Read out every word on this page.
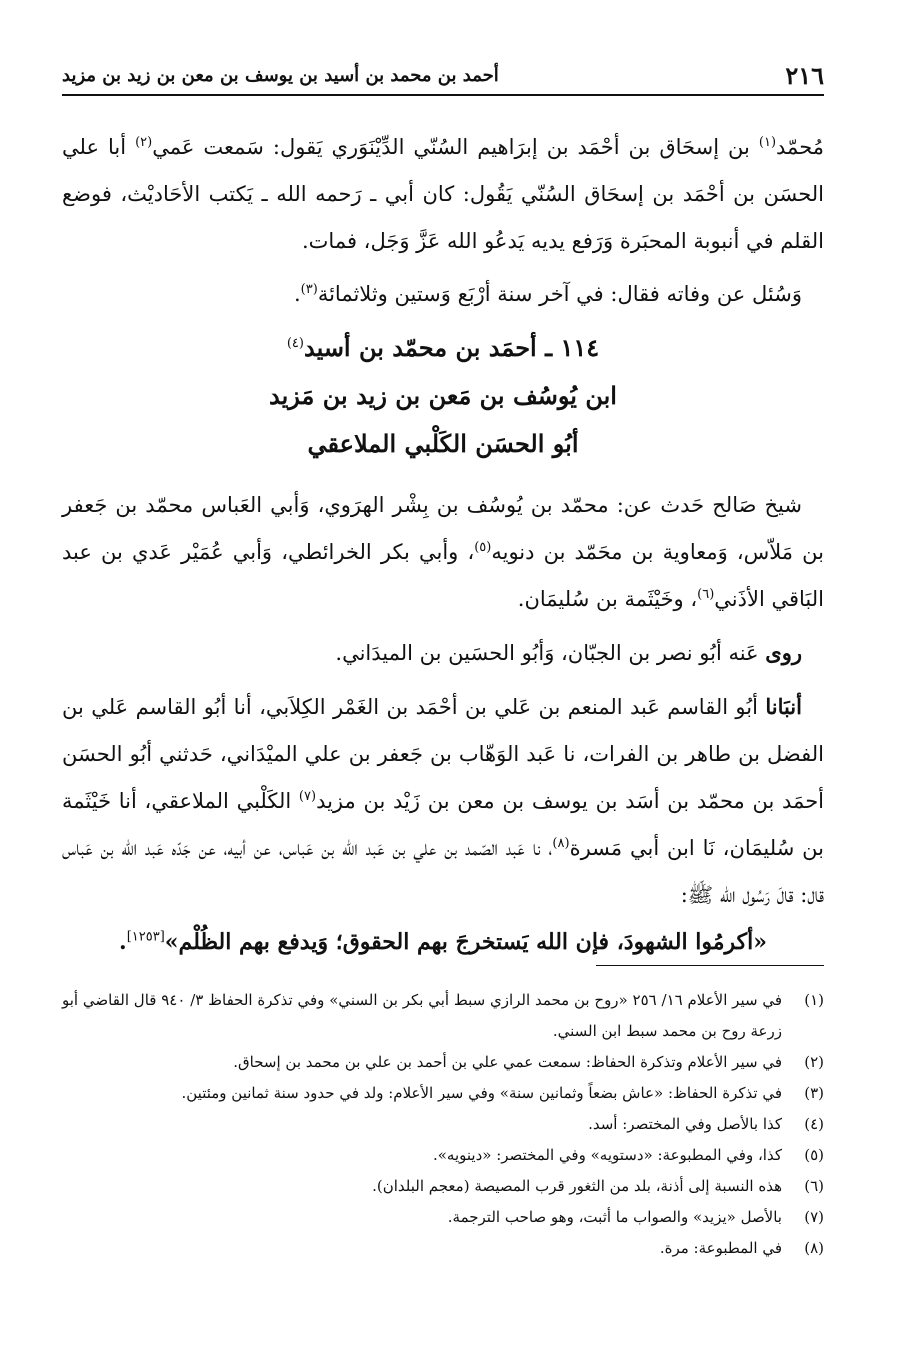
٢١٦
أحمد بن محمد بن أسيد بن يوسف بن معن بن زيد بن مزيد

مُحمّد$^{(١)}$ بن إسحَاق بن أحْمَد بن إبرَاهيم السُنّي الدِّيْنَوَري يَقول: سَمعت عَمي$^{(٢)}$ أبا علي الحسَن بن أحْمَد بن إسحَاق السُنّي يَقُول: كان أبي ـ رَحمه الله ـ يَكتب الأحَاديْث، فوضع القلم في أنبوبة المحبَرة وَرَفع يديه يَدعُو الله عَزَّ وَجَل، فمات.

وَسُئل عن وفاته فقال: في آخر سنة أرْبَع وَستين وثلاثمائة$^{(٣)}$.

١١٤ ـ أحمَد بن محمّد بن أسيد$^{(٤)}$
ابن يُوسُف بن مَعن بن زيد بن مَزيد
أبُو الحسَن الكَلْبي الملاعقي

شيخ صَالح حَدث عن: محمّد بن يُوسُف بن بِشْر الهرَوي، وَأبي العَباس محمّد بن جَعفر بن مَلاّس، وَمعاوية بن محَمّد بن دنويه$^{(٥)}$، وأبي بكر الخرائطي، وَأبي عُمَيْر عَدي بن عبد البَاقي الأذَني$^{(٦)}$، وخَيْثَمة بن سُليمَان.

روى عَنه أبُو نصر بن الجبّان، وَأبُو الحسَين بن الميدَاني.

أنبَانا أبُو القاسم عَبد المنعم بن عَلي بن أحْمَد بن الغَمْر الكِلاَبي، أنا أبُو القاسم عَلي بن الفضل بن طاهر بن الفرات، نا عَبد الوَهّاب بن جَعفر بن علي الميْدَاني، حَدثني أبُو الحسَن أحمَد بن محمّد بن أسَد بن يوسف بن معن بن زَيْد بن مزيد$^{(٧)}$ الكَلْبي الملاعقي، أنا خَيْثَمة بن سُليمَان، نَا ابن أبي مَسرة$^{(٨)}$، نا عَبد الصّمد بن علي بن عَبد اللّه بن عَباس، عن أبيه، عن جَدّه عَبد اللّه بن عَباس قال: قالَ رَسُول الله ﷺ:

«أكرمُوا الشهودَ، فإن الله يَستخرجَ بهم الحقوق؛ وَيدفع بهم الظُلْم»[١٢٥٣].

(١)
في سير الأعلام ١٦/ ٢٥٦ «روح بن محمد الرازي سبط أبي بكر بن السني» وفي تذكرة الحفاظ ٣/ ٩٤٠ قال القاضي أبو زرعة روح بن محمد سبط ابن السني.
(٢)
في سير الأعلام وتذكرة الحفاظ: سمعت عمي علي بن أحمد بن علي بن محمد بن إسحاق.
(٣)
في تذكرة الحفاظ: «عاش بضعاً وثمانين سنة» وفي سير الأعلام: ولد في حدود سنة ثمانين ومئتين.
(٤)
كذا بالأصل وفي المختصر: أسد.
(٥)
كذا، وفي المطبوعة: «دستويه» وفي المختصر: «دينويه».
(٦)
هذه النسبة إلى أذنة، بلد من الثغور قرب المصيصة (معجم البلدان).
(٧)
بالأصل «يزيد» والصواب ما أثبت، وهو صاحب الترجمة.
(٨)
في المطبوعة: مرة.
